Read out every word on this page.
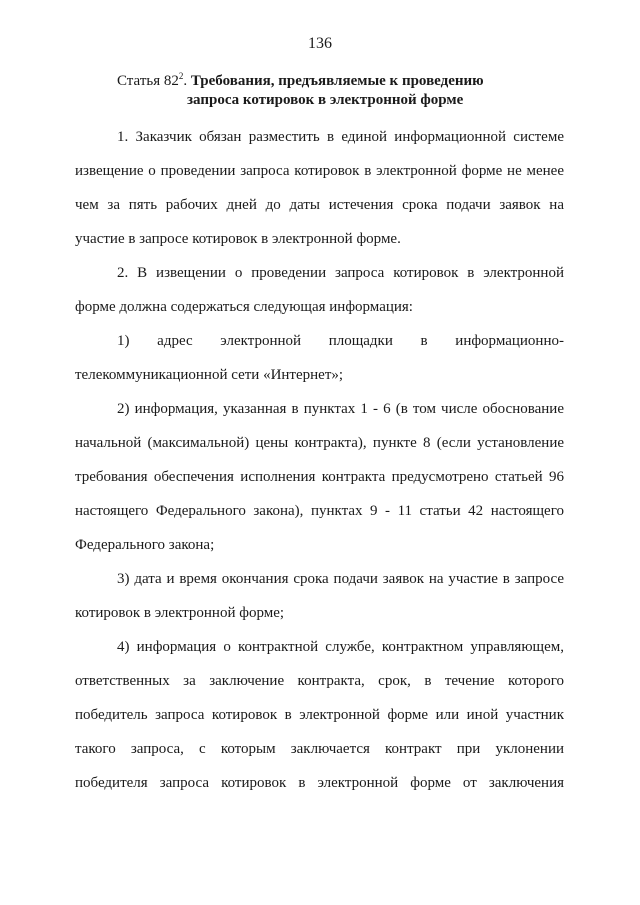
136
Статья $82^2$. Требования, предъявляемые к проведению
запроса котировок в электронной форме
1. Заказчик обязан разместить в единой информационной системе
извещение о проведении запроса котировок в электронной форме не менее
чем за пять рабочих дней до даты истечения срока подачи заявок на
участие в запросе котировок в электронной форме.
2. В извещении о проведении запроса котировок в электронной
форме должна содержаться следующая информация:
1) адрес электронной площадки в информационно-
телекоммуникационной сети «Интернет»;
2) информация, указанная в пунктах 1 - 6 (в том числе обоснование
начальной (максимальной) цены контракта), пункте 8 (если установление
требования обеспечения исполнения контракта предусмотрено статьей 96
настоящего Федерального закона), пунктах 9 - 11 статьи 42 настоящего
Федерального закона;
3) дата и время окончания срока подачи заявок на участие в запросе
котировок в электронной форме;
4) информация о контрактной службе, контрактном управляющем,
ответственных за заключение контракта, срок, в течение которого
победитель запроса котировок в электронной форме или иной участник
такого запроса, с которым заключается контракт при уклонении
победителя запроса котировок в электронной форме от заключения
